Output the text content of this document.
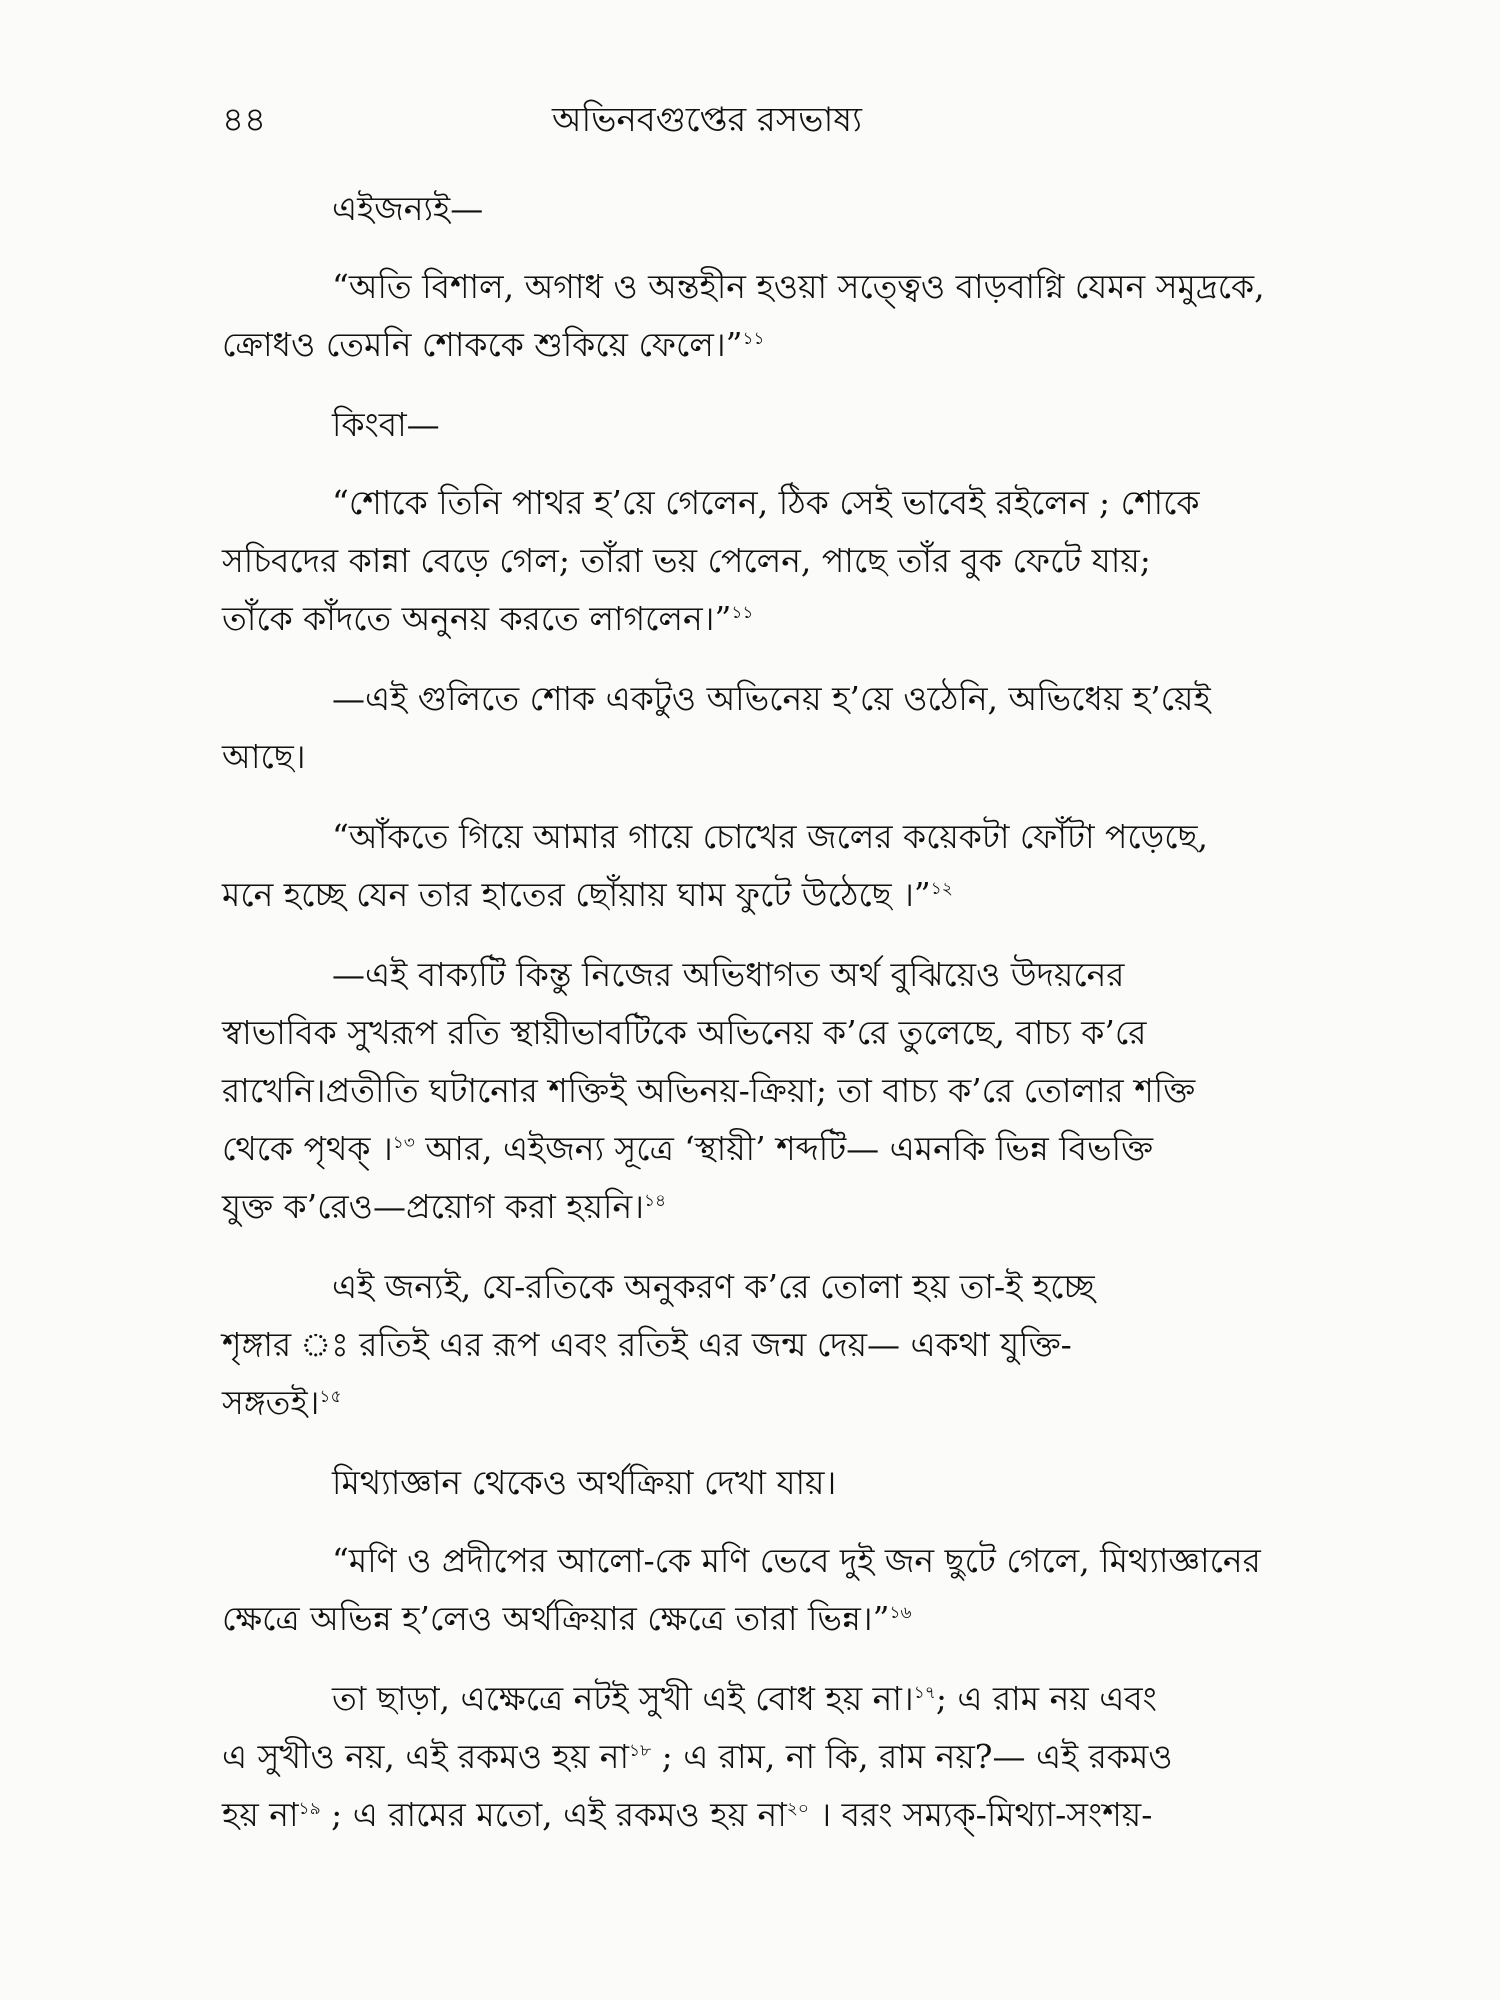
৪৪	অভিনবগুপ্তের রসভাষ্য

এইজন্যই—

“অতি বিশাল, অগাধ ও অন্তহীন হওয়া সত্ত্বেও বাড়বাগ্নি যেমন সমুদ্রকে,
ক্রোধও তেমনি শোককে শুকিয়ে ফেলে।”$^{১১}$

কিংবা—

“শোকে তিনি পাথর হ’য়ে গেলেন, ঠিক সেই ভাবেই রইলেন ; শোকে
সচিবদের কান্না বেড়ে গেল; তাঁরা ভয় পেলেন, পাছে তাঁর বুক ফেটে যায়;
তাঁকে কাঁদতে অনুনয় করতে লাগলেন।”$^{১১}$

—এই গুলিতে শোক একটুও অভিনেয় হ’য়ে ওঠেনি, অভিধেয় হ’য়েই
আছে।

“আঁকতে গিয়ে আমার গায়ে চোখের জলের কয়েকটা ফোঁটা পড়েছে,
মনে হচ্ছে যেন তার হাতের ছোঁয়ায় ঘাম ফুটে উঠেছে ।”$^{১২}$

—এই বাক্যটি কিন্তু নিজের অভিধাগত অর্থ বুঝিয়েও উদয়নের
স্বাভাবিক সুখরূপ রতি স্থায়ীভাবটিকে অভিনেয় ক’রে তুলেছে, বাচ্য ক’রে
রাখেনি।প্রতীতি ঘটানোর শক্তিই অভিনয়-ক্রিয়া; তা বাচ্য ক’রে তোলার শক্তি
থেকে পৃথক্ ।$^{১৩}$ আর, এইজন্য সূত্রে ‘স্থায়ী’ শব্দটি— এমনকি ভিন্ন বিভক্তি
যুক্ত ক’রেও—প্রয়োগ করা হয়নি।$^{১৪}$

এই জন্যই, যে-রতিকে অনুকরণ ক’রে তোলা হয় তা-ই হচ্ছে
শৃঙ্গার ঃ রতিই এর রূপ এবং রতিই এর জন্ম দেয়— একথা যুক্তি-
সঙ্গতই।$^{১৫}$

মিথ্যাজ্ঞান থেকেও অর্থক্রিয়া দেখা যায়।

“মণি ও প্রদীপের আলো-কে মণি ভেবে দুই জন ছুটে গেলে, মিথ্যাজ্ঞানের
ক্ষেত্রে অভিন্ন হ’লেও অর্থক্রিয়ার ক্ষেত্রে তারা ভিন্ন।”$^{১৬}$

তা ছাড়া, এক্ষেত্রে নটই সুখী এই বোধ হয় না।$^{১৭}$; এ রাম নয় এবং
এ সুখীও নয়, এই রকমও হয় না$^{১৮}$ ; এ রাম, না কি, রাম নয়?— এই রকমও
হয় না$^{১৯}$ ; এ রামের মতো, এই রকমও হয় না$^{২০}$ । বরং সম্যক্-মিথ্যা-সংশয়-
